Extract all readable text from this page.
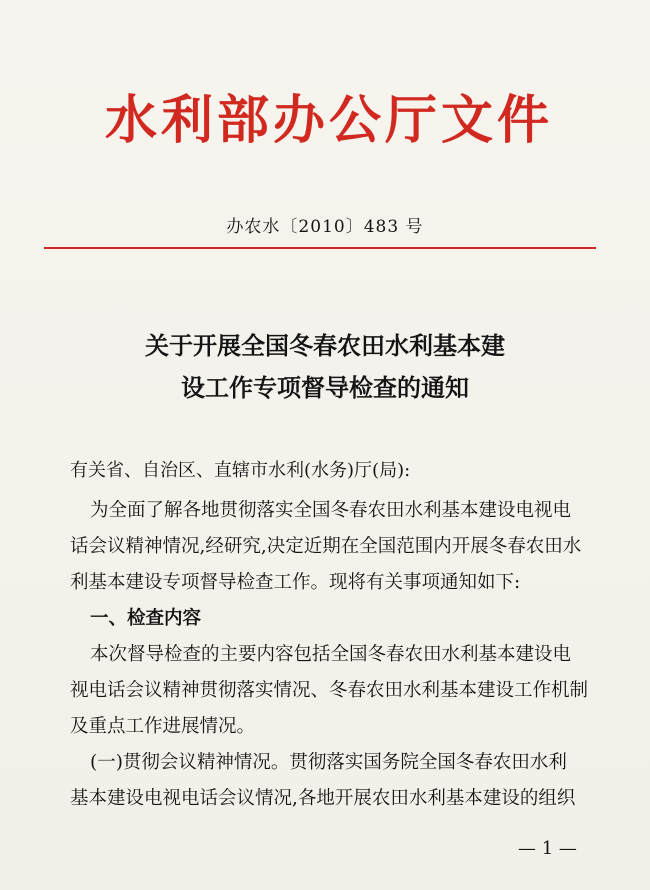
水利部办公厅文件
办农水〔2010〕483 号
关于开展全国冬春农田水利基本建
设工作专项督导检查的通知
有关省、自治区、直辖市水利(水务)厅(局):
为全面了解各地贯彻落实全国冬春农田水利基本建设电视电
话会议精神情况,经研究,决定近期在全国范围内开展冬春农田水
利基本建设专项督导检查工作。现将有关事项通知如下:
一、检查内容
本次督导检查的主要内容包括全国冬春农田水利基本建设电
视电话会议精神贯彻落实情况、冬春农田水利基本建设工作机制
及重点工作进展情况。
(一)贯彻会议精神情况。贯彻落实国务院全国冬春农田水利
基本建设电视电话会议情况,各地开展农田水利基本建设的组织
— 1 —
